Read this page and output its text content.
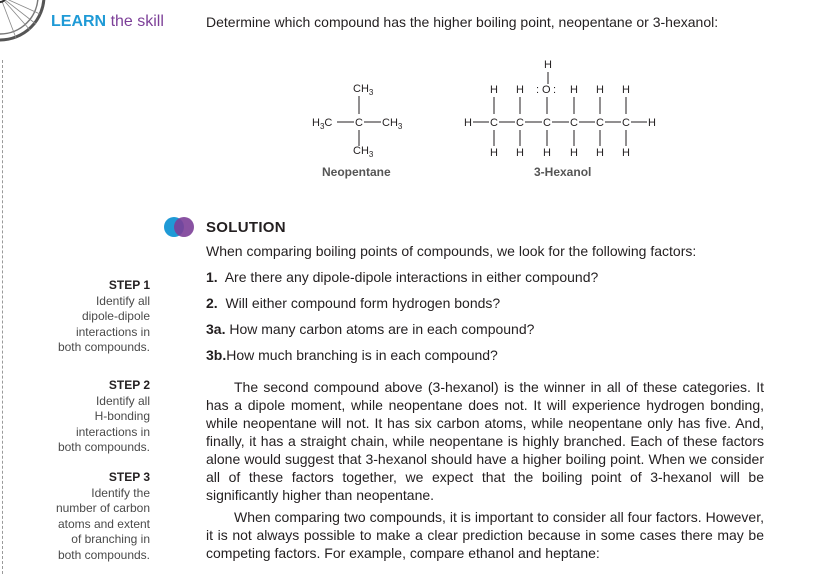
LEARN the skill	Determine which compound has the higher boiling point, neopentane or 3-hexanol:
$CH_3$
$H_3C$ C $CH_3$
$CH_3$
Neopentane
H
H H : O : H H H
H C C C C C C H
H H H H H H
3-Hexanol
SOLUTION
When comparing boiling points of compounds, we look for the following factors:
1. Are there any dipole-dipole interactions in either compound?
2. Will either compound form hydrogen bonds?
3a. How many carbon atoms are in each compound?
3b.How much branching is in each compound?
STEP 1
Identify all
dipole-dipole
interactions in
both compounds.
STEP 2
Identify all
H-bonding
interactions in
both compounds.
STEP 3
Identify the
number of carbon
atoms and extent
of branching in
both compounds.

The second compound above (3-hexanol) is the winner in all of these categories. It has a dipole moment, while neopentane does not. It will experience hydrogen bonding, while neopentane will not. It has six carbon atoms, while neopentane only has five. And, finally, it has a straight chain, while neopentane is highly branched. Each of these factors alone would suggest that 3-hexanol should have a higher boiling point. When we consider all of these factors together, we expect that the boiling point of 3-hexanol will be significantly higher than neopentane.

When comparing two compounds, it is important to consider all four factors. However, it is not always possible to make a clear prediction because in some cases there may be competing factors. For example, compare ethanol and heptane:
